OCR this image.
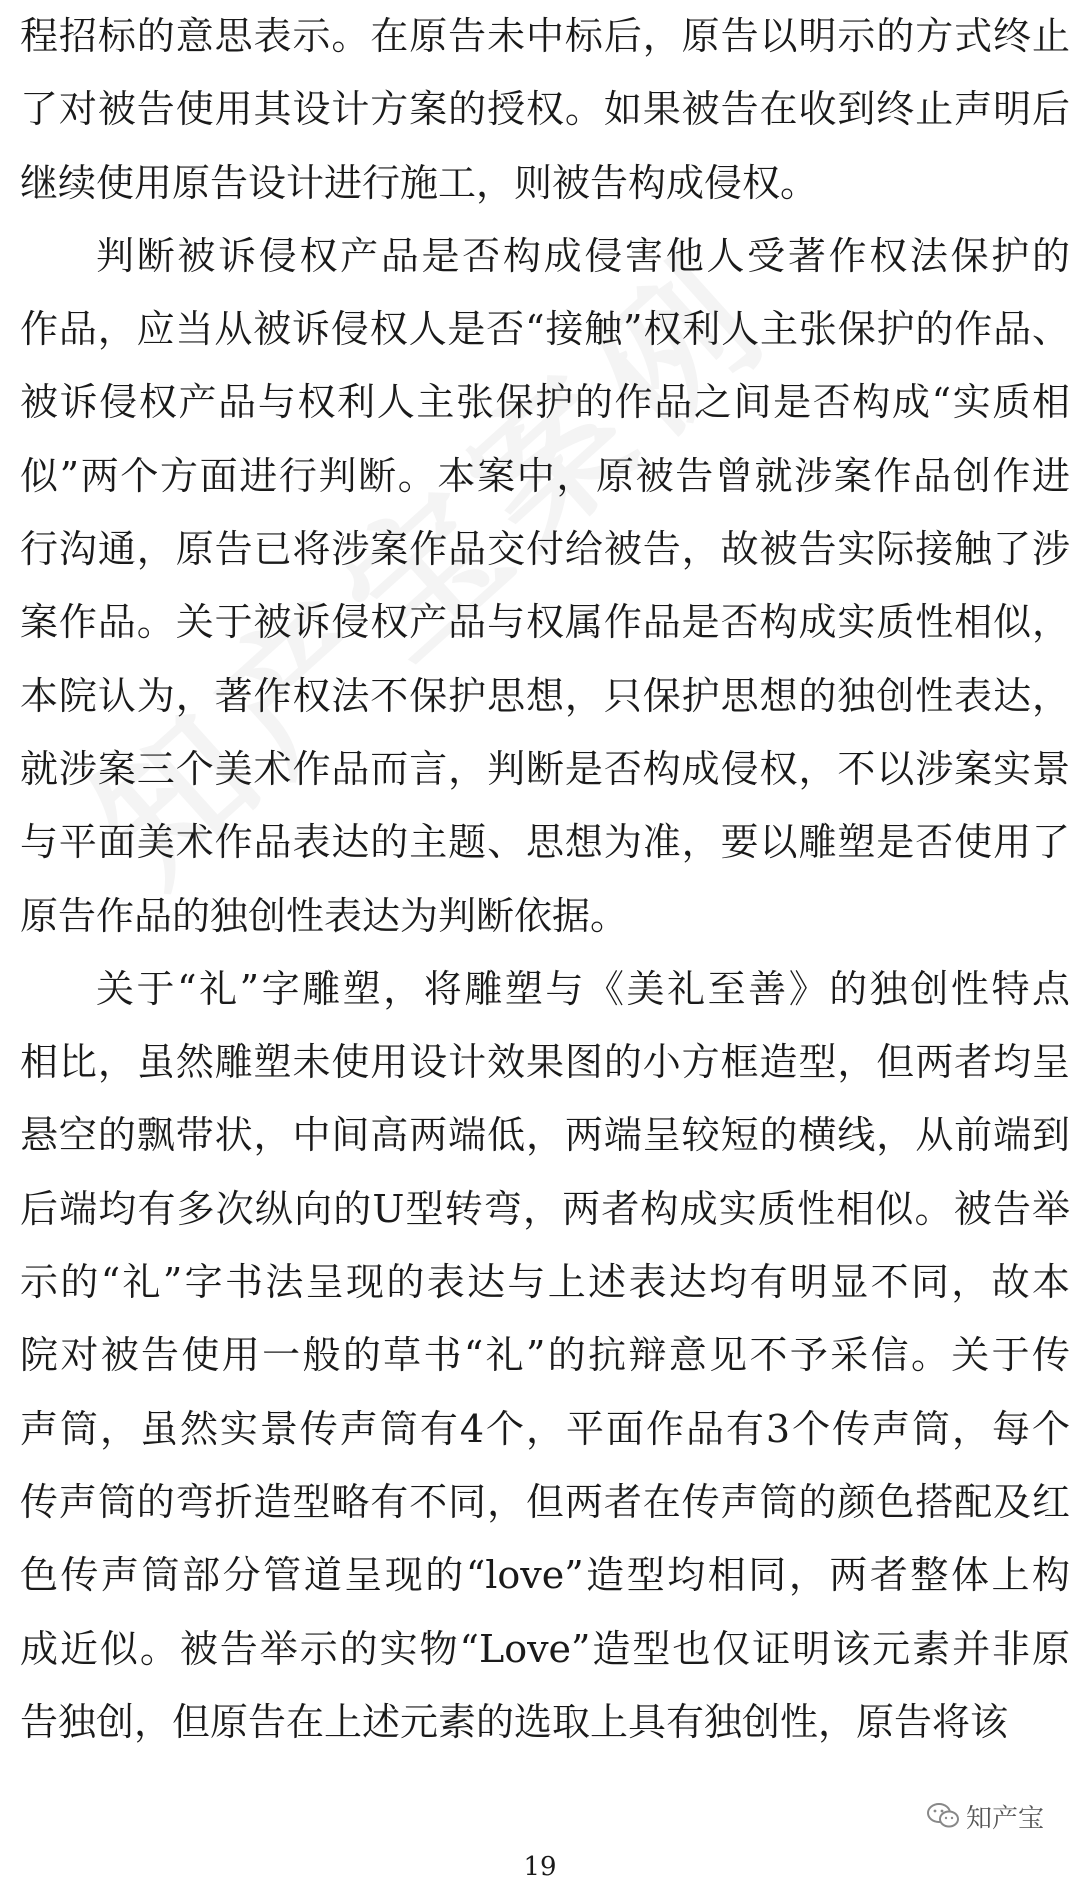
程招标的意思表示。在原告未中标后，原告以明示的方式终止
了对被告使用其设计方案的授权。如果被告在收到终止声明后
继续使用原告设计进行施工，则被告构成侵权。
判断被诉侵权产品是否构成侵害他人受著作权法保护的
作品，应当从被诉侵权人是否“接触”权利人主张保护的作品、
被诉侵权产品与权利人主张保护的作品之间是否构成“实质相
似”两个方面进行判断。本案中，原被告曾就涉案作品创作进
行沟通，原告已将涉案作品交付给被告，故被告实际接触了涉
案作品。关于被诉侵权产品与权属作品是否构成实质性相似，
本院认为，著作权法不保护思想，只保护思想的独创性表达，
就涉案三个美术作品而言，判断是否构成侵权，不以涉案实景
与平面美术作品表达的主题、思想为准，要以雕塑是否使用了
原告作品的独创性表达为判断依据。
关于“礼”字雕塑，将雕塑与《美礼至善》的独创性特点
相比，虽然雕塑未使用设计效果图的小方框造型，但两者均呈
悬空的飘带状，中间高两端低，两端呈较短的横线，从前端到
后端均有多次纵向的U型转弯，两者构成实质性相似。被告举
示的“礼”字书法呈现的表达与上述表达均有明显不同，故本
院对被告使用一般的草书“礼”的抗辩意见不予采信。关于传
声筒，虽然实景传声筒有4个，平面作品有3个传声筒，每个
传声筒的弯折造型略有不同，但两者在传声筒的颜色搭配及红
色传声筒部分管道呈现的“love”造型均相同，两者整体上构
成近似。被告举示的实物“Love”造型也仅证明该元素并非原
告独创，但原告在上述元素的选取上具有独创性，原告将该
知产宝
19
